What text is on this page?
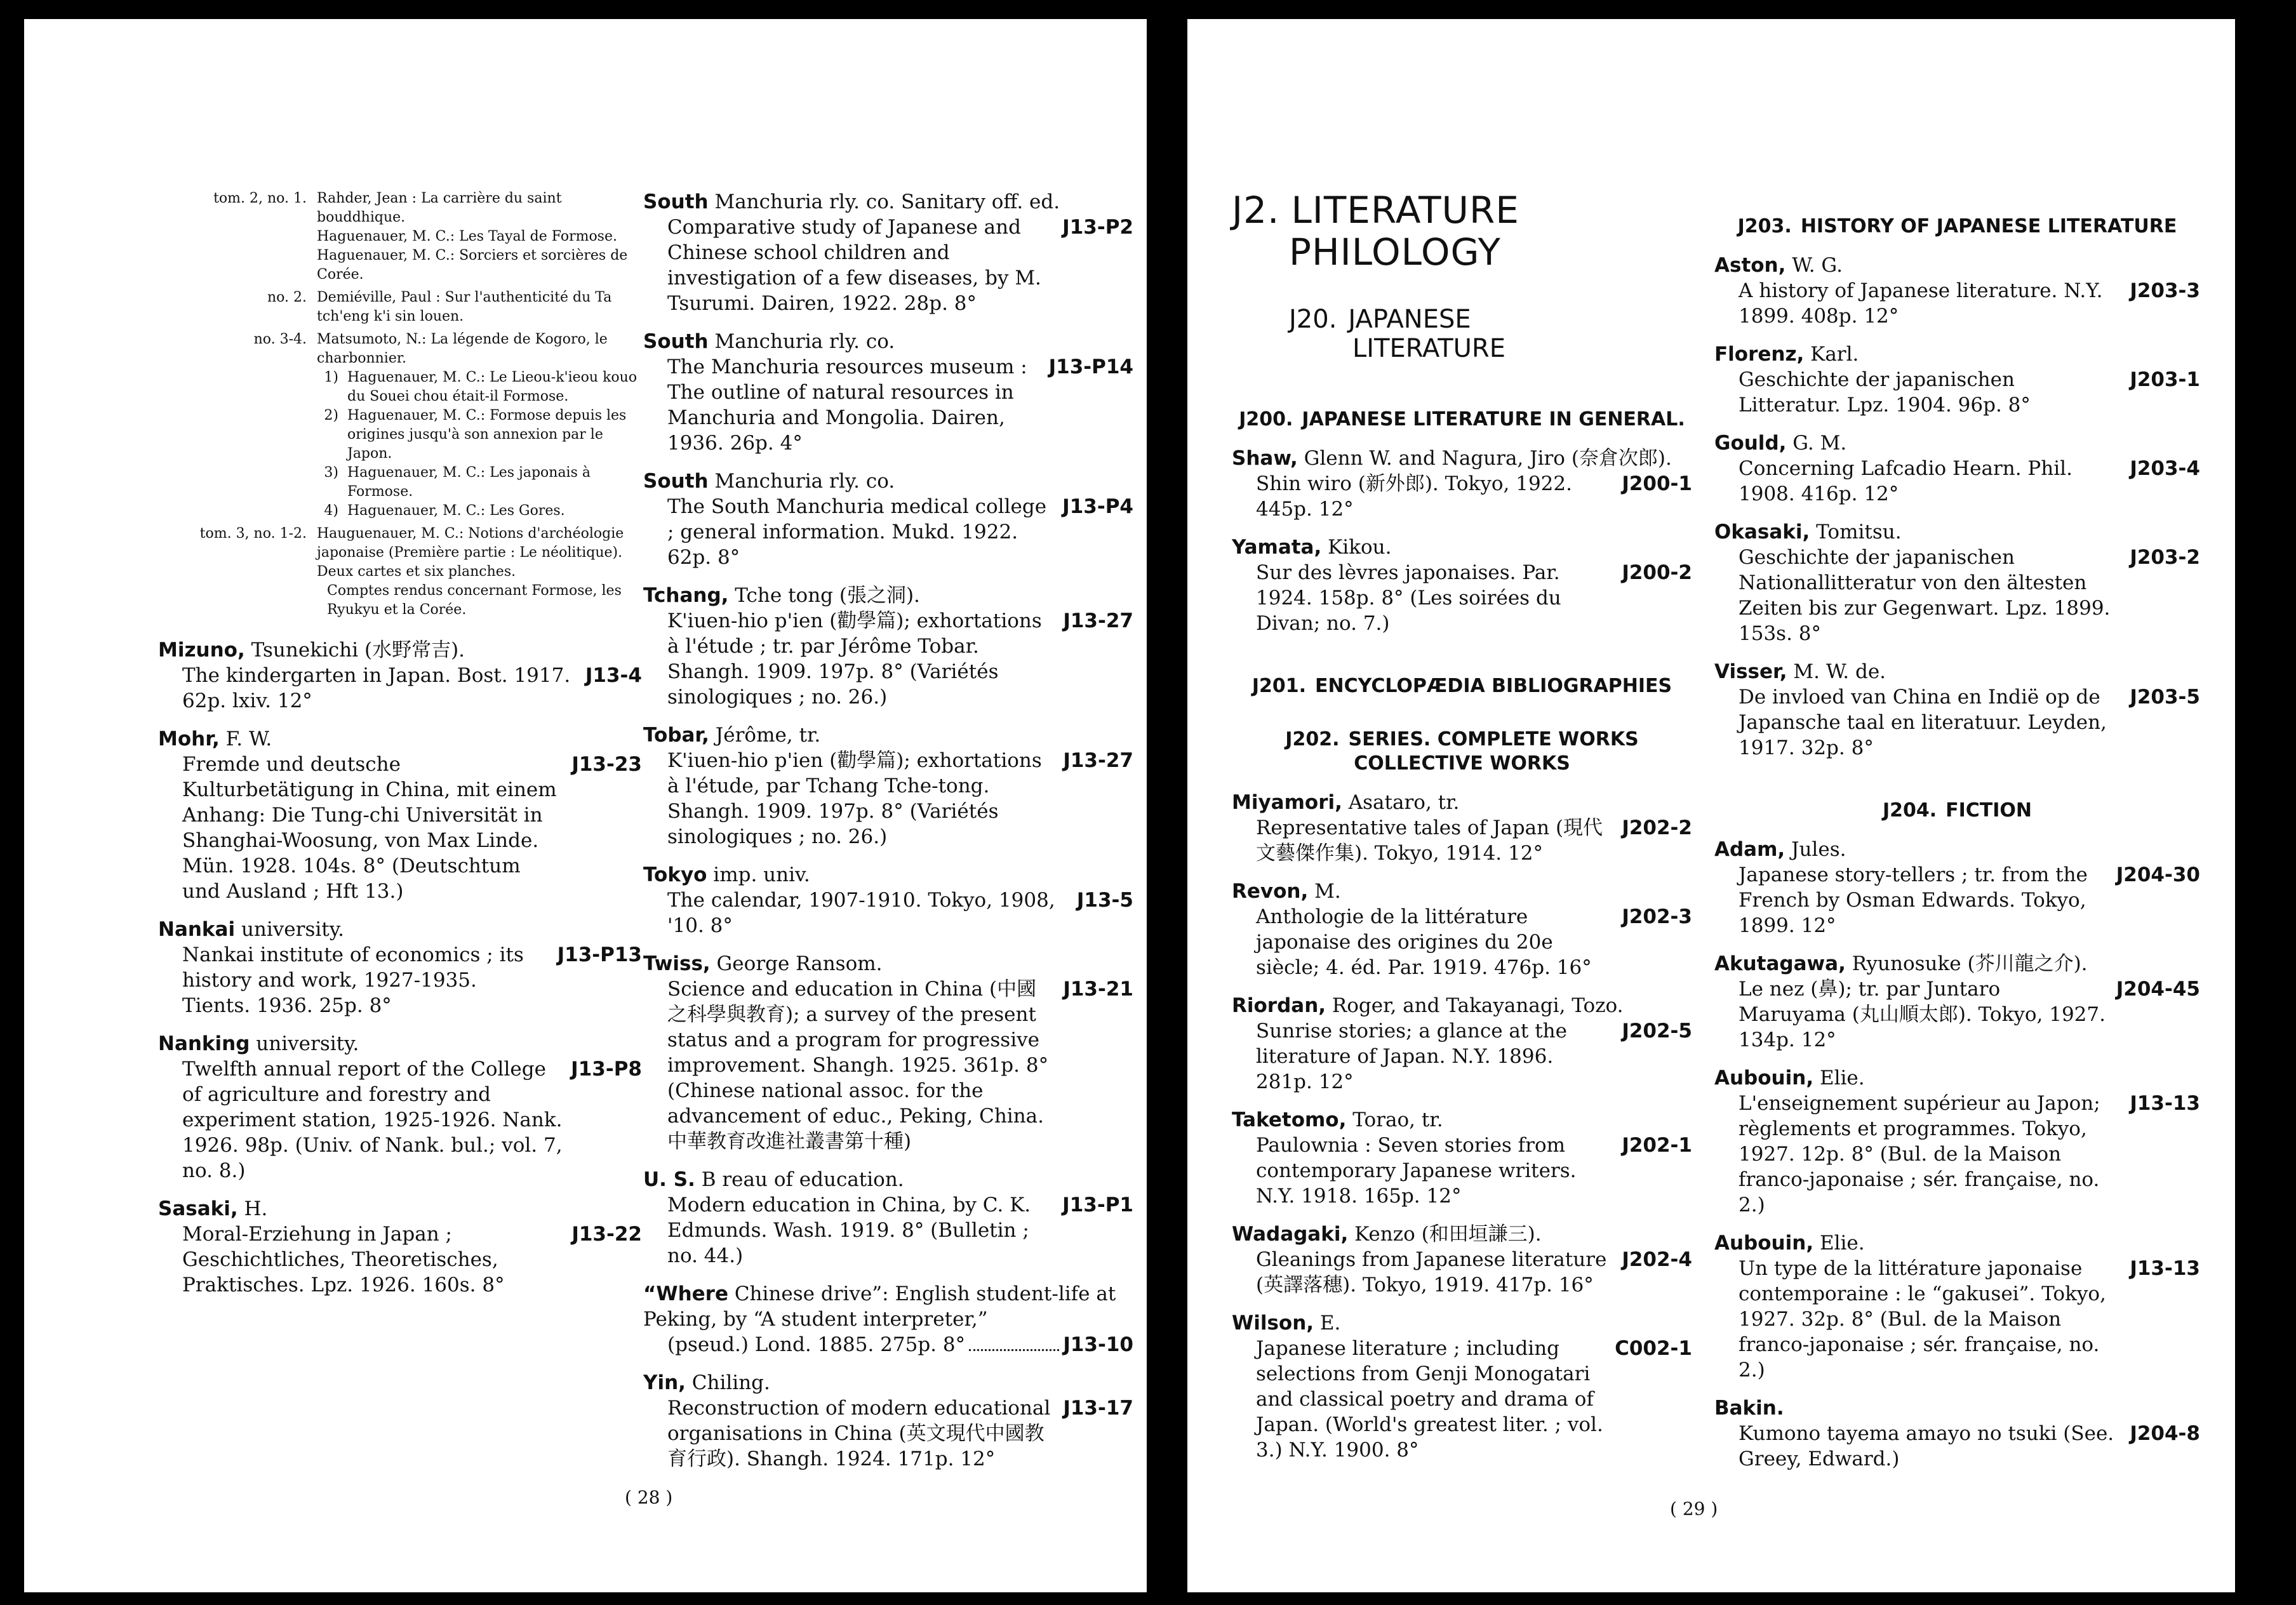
tom. 2, no. 1. Rahder, Jean : La carrière du saint bouddhique.
Haguenauer, M. C.: Les Tayal de Formose.
Haguenauer, M. C.: Sorciers et sorcières de Corée.
no. 2. Demiéville, Paul : Sur l'authenticité du Ta tch'eng k'i sin louen.
no. 3-4. Matsumoto, N.: La légende de Kogoro, le charbonnier.
1) Haguenauer, M. C.: Le Lieou-k'ieou kouo du Souei chou était-il Formose.
2) Haguenauer, M. C.: Formose depuis les origines jusqu'à son annexion par le Japon.
3) Haguenauer, M. C.: Les japonais à Formose.
4) Haguenauer, M. C.: Les Gores.
tom. 3, no. 1-2. Hauguenauer, M. C.: Notions d'archéologie japonaise (Première partie : Le néolitique). Deux cartes et six planches.
Comptes rendus concernant Formose, les Ryukyu et la Corée.
Mizuno, Tsunekichi (水野常吉).
The kindergarten in Japan. Bost. 1917. 62p. lxiv. 12°
J13-4
Mohr, F. W.
Fremde und deutsche Kulturbetätigung in China, mit einem Anhang: Die Tung-chi Universität in Shanghai-Woosung, von Max Linde. Mün. 1928. 104s. 8° (Deutschtum und Ausland ; Hft 13.)
J13-23
Nankai university.
Nankai institute of economics ; its history and work, 1927-1935. Tients. 1936. 25p. 8°
J13-P13
Nanking university.
Twelfth annual report of the College of agriculture and forestry and experiment station, 1925-1926. Nank. 1926. 98p. (Univ. of Nank. bul.; vol. 7, no. 8.)
J13-P8
Sasaki, H.
Moral-Erziehung in Japan ; Geschichtliches, Theoretisches, Praktisches. Lpz. 1926. 160s. 8°
J13-22
South Manchuria rly. co. Sanitary off. ed.
Comparative study of Japanese and Chinese school children and investigation of a few diseases, by M. Tsurumi. Dairen, 1922. 28p. 8°
J13-P2
South Manchuria rly. co.
The Manchuria resources museum : The outline of natural resources in Manchuria and Mongolia. Dairen, 1936. 26p. 4°
J13-P14
South Manchuria rly. co.
The South Manchuria medical college ; general information. Mukd. 1922. 62p. 8°
J13-P4
Tchang, Tche tong (張之洞).
K'iuen-hio p'ien (勸學篇); exhortations à l'étude ; tr. par Jérôme Tobar. Shangh. 1909. 197p. 8° (Variétés sinologiques ; no. 26.)
J13-27
Tobar, Jérôme, tr.
K'iuen-hio p'ien (勸學篇); exhortations à l'étude, par Tchang Tche-tong. Shangh. 1909. 197p. 8° (Variétés sinologiques ; no. 26.)
J13-27
Tokyo imp. univ.
The calendar, 1907-1910. Tokyo, 1908, '10. 8°
J13-5
Twiss, George Ransom.
Science and education in China (中國之科學與教育); a survey of the present status and a program for progressive improvement. Shangh. 1925. 361p. 8° (Chinese national assoc. for the advancement of educ., Peking, China. 中華教育改進社叢書第十種)
J13-21
U. S. B reau of education.
Modern education in China, by C. K. Edmunds. Wash. 1919. 8° (Bulletin ; no. 44.)
J13-P1
“Where Chinese drive”: English student-life at Peking, by “A student interpreter,”
(pseud.) Lond. 1885. 275p. 8°	J13-10
Yin, Chiling.
Reconstruction of modern educational organisations in China (英文現代中國教育行政). Shangh. 1924. 171p. 12°
J13-17
( 28 )
J2. LITERATURE
PHILOLOGY
J20. JAPANESE
LITERATURE
J200. JAPANESE LITERATURE IN GENERAL.
Shaw, Glenn W. and Nagura, Jiro (奈倉次郎).
Shin wiro (新外郎). Tokyo, 1922. 445p. 12°
J200-1
Yamata, Kikou.
Sur des lèvres japonaises. Par. 1924. 158p. 8° (Les soirées du Divan; no. 7.)
J200-2
J201. ENCYCLOPÆDIA BIBLIOGRAPHIES
J202. SERIES. COMPLETE WORKS COLLECTIVE WORKS
Miyamori, Asataro, tr.
Representative tales of Japan (現代文藝傑作集). Tokyo, 1914. 12°
J202-2
Revon, M.
Anthologie de la littérature japonaise des origines du 20e siècle; 4. éd. Par. 1919. 476p. 16°
J202-3
Riordan, Roger, and Takayanagi, Tozo.
Sunrise stories; a glance at the literature of Japan. N.Y. 1896. 281p. 12°
J202-5
Taketomo, Torao, tr.
Paulownia : Seven stories from contemporary Japanese writers. N.Y. 1918. 165p. 12°
J202-1
Wadagaki, Kenzo (和田垣謙三).
Gleanings from Japanese literature (英譯落穗). Tokyo, 1919. 417p. 16°
J202-4
Wilson, E.
Japanese literature ; including selections from Genji Monogatari and classical poetry and drama of Japan. (World's greatest liter. ; vol. 3.) N.Y. 1900. 8°
C002-1
J203. HISTORY OF JAPANESE LITERATURE
Aston, W. G.
A history of Japanese literature. N.Y. 1899. 408p. 12°
J203-3
Florenz, Karl.
Geschichte der japanischen Litteratur. Lpz. 1904. 96p. 8°
J203-1
Gould, G. M.
Concerning Lafcadio Hearn. Phil. 1908. 416p. 12°
J203-4
Okasaki, Tomitsu.
Geschichte der japanischen Nationallitteratur von den ältesten Zeiten bis zur Gegenwart. Lpz. 1899. 153s. 8°
J203-2
Visser, M. W. de.
De invloed van China en Indië op de Japansche taal en literatuur. Leyden, 1917. 32p. 8°
J203-5
J204. FICTION
Adam, Jules.
Japanese story-tellers ; tr. from the French by Osman Edwards. Tokyo, 1899. 12°
J204-30
Akutagawa, Ryunosuke (芥川龍之介).
Le nez (鼻); tr. par Juntaro Maruyama (丸山順太郎). Tokyo, 1927. 134p. 12°
J204-45
Aubouin, Elie.
L'enseignement supérieur au Japon; règlements et programmes. Tokyo, 1927. 12p. 8° (Bul. de la Maison franco-japonaise ; sér. française, no. 2.)
J13-13
Aubouin, Elie.
Un type de la littérature japonaise contemporaine : le “gakusei”. Tokyo, 1927. 32p. 8° (Bul. de la Maison franco-japonaise ; sér. française, no. 2.)
J13-13
Bakin.
Kumono tayema amayo no tsuki (See. Greey, Edward.)
J204-8
( 29 )
